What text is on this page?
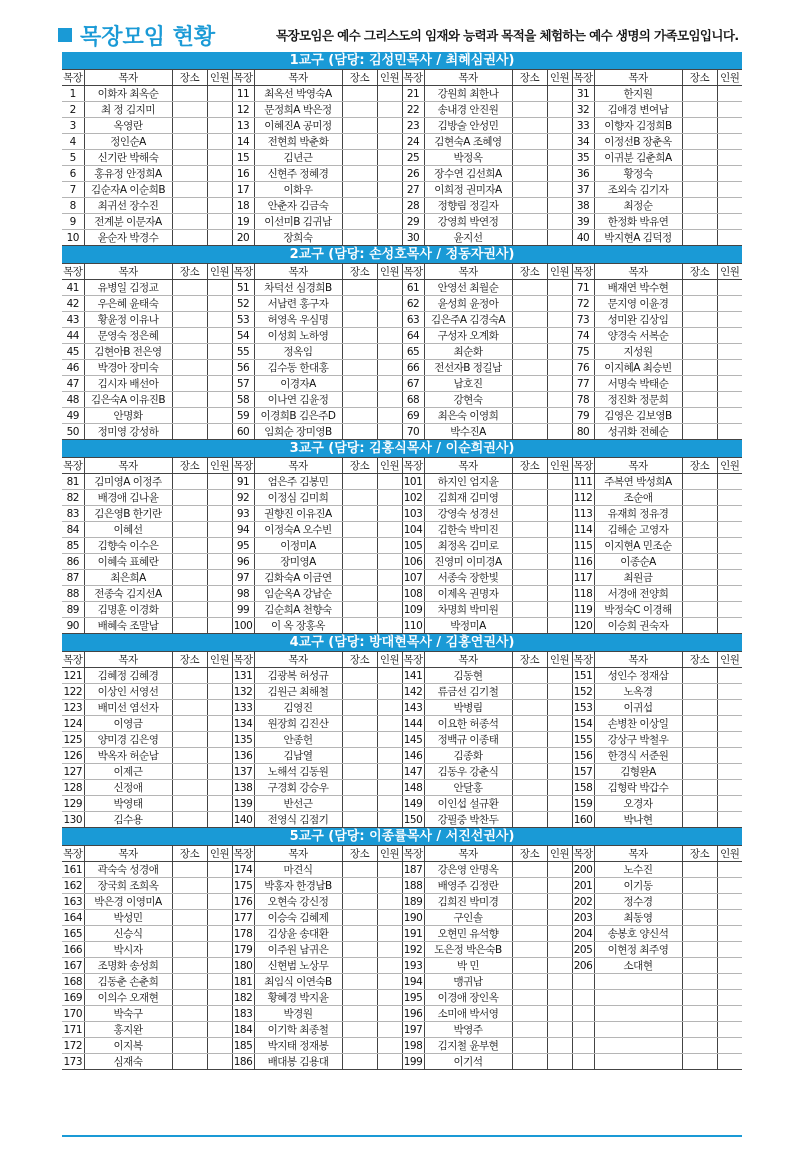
목장모임 현황	목장모임은 예수 그리스도의 임재와 능력과 목적을 체험하는 예수 생명의 가족모임입니다.
1교구 (담당: 김성민목사 / 최혜심권사)															
목장	목자	장소	인원	목장	목자	장소	인원	목장	목자	장소	인원	목장	목자	장소	인원
1	이화자 최옥순			11	최옥선 박영숙A			21	강원희 최한나			31	한지원		
2	최 정 김지미			12	문정희A 박은정			22	송내경 안진원			32	김애경 변여남		
3	옥영란			13	이혜진A 공미정			23	김방술 안성민			33	이향자 김정희B		
4	정인순A			14	전현희 박춘화			24	김현숙A 조혜영			34	이정선B 장춘옥		
5	신기란 박해숙			15	김년근			25	박정옥			35	이귀분 김춘희A		
6	홍유정 안정희A			16	신현주 정혜경			26	장수연 김선희A			36	황정숙		
7	김순자A 이순희B			17	이화우			27	이희정 권미자A			37	조외숙 김기자		
8	최귀선 장수진			18	안춘자 김금숙			28	정향림 정길자			38	최정순		
9	전계분 이문자A			19	이선미B 김귀남			29	강영희 박연정			39	한정화 박유연		
10	윤순자 박경수			20	장희숙			30	윤지선			40	박지현A 김덕정		
2교구 (담당: 손성호목사 / 정동자권사)															
목장	목자	장소	인원	목장	목자	장소	인원	목장	목자	장소	인원	목장	목자	장소	인원
41	유병일 김정교			51	차덕선 심경희B			61	안영선 최월순			71	배재연 박수현		
42	우은혜 윤태숙			52	서남련 홍구자			62	윤성희 윤정아			72	문지영 이윤경		
43	황윤정 이유나			53	허영옥 우심명			63	김은주A 김경숙A			73	성미완 김상임		
44	문영숙 정은혜			54	이성희 노하영			64	구성자 오계화			74	양경숙 서복순		
45	김현아B 전은영			55	정옥임			65	최순화			75	지성원		
46	박경아 장미숙			56	김수동 한대홍			66	전선자B 정길남			76	이지혜A 최승빈		
47	김시자 배선아			57	이경자A			67	남호진			77	서명숙 박태순		
48	김은숙A 이유진B			58	이나연 김윤정			68	강현숙			78	정진화 정문희		
49	안명화			59	이경희B 김은주D			69	최은숙 이영희			79	김영은 김보영B		
50	정미영 강성하			60	임희순 장미영B			70	박수진A			80	성귀화 전혜순		
3교구 (담당: 김홍식목사 / 이순희권사)															
목장	목자	장소	인원	목장	목자	장소	인원	목장	목자	장소	인원	목장	목자	장소	인원
81	김미영A 이정주			91	엄은주 김봉민			101	하지인 엄지윤			111	주복연 박성희A		
82	배경애 김나윤			92	이정심 김미희			102	김희재 김미영			112	조순애		
83	김은영B 한기란			93	권향진 이유진A			103	강영숙 성경선			113	유재희 정유경		
84	이혜선			94	이정숙A 오수빈			104	김한숙 박미진			114	김해순 고영자		
85	김향숙 이수은			95	이정미A			105	최정옥 김미로			115	이지현A 민조순		
86	이혜숙 표혜란			96	장미영A			106	진영미 이미경A			116	이종순A		
87	최은희A			97	김화숙A 이금연			107	서종숙 장한빛			117	최원금		
88	전종숙 김지선A			98	임순옥A 강남순			108	이제옥 권명자			118	서경애 전양희		
89	김명훈 이경화			99	김순희A 천향숙			109	차명희 박미원			119	박정숙C 이경해		
90	배혜숙 조말남			100	이 옥 장홍옥			110	박정미A			120	이승희 권숙자		
4교구 (담당: 방대현목사 / 김홍연권사)															
목장	목자	장소	인원	목장	목자	장소	인원	목장	목자	장소	인원	목장	목자	장소	인원
121	김혜정 김혜경			131	김광복 허성규			141	김동현			151	성인수 정재삼		
122	이상인 서영선			132	김원근 최해철			142	류금선 김기철			152	노옥경		
123	배미선 염선자			133	김영진			143	박병림			153	이귀섭		
124	이영금			134	원장희 김진산			144	이요한 허종석			154	손병찬 이상일		
125	양미경 김은영			135	안종헌			145	정백규 이종태			155	강상구 박철우		
126	박옥자 허순남			136	김남열			146	김종화			156	한경식 서준원		
127	이제근			137	노해석 김동원			147	김동우 강춘식			157	김형완A		
128	신정애			138	구경회 강승우			148	안달홍			158	김형락 박갑수		
129	박영태			139	반선근			149	이인섭 설규환			159	오경자		
130	김수용			140	전영식 김점기			150	강필중 박찬두			160	박나현		
5교구 (담당: 이종률목사 / 서진선권사)															
목장	목자	장소	인원	목장	목자	장소	인원	목장	목자	장소	인원	목장	목자	장소	인원
161	곽숙숙 성경애			174	마견식			187	강은영 안명옥			200	노수진		
162	장국희 조희옥			175	박홍자 한경남B			188	배영주 김정란			201	이기동		
163	박은경 이영미A			176	오현숙 강신정			189	김희진 박미경			202	정수경		
164	박성민			177	이승숙 김혜제			190	구인솔			203	최동영		
165	신승식			178	김상윤 송대환			191	오현민 유석향			204	송봉호 양신석		
166	박시자			179	이주원 남귀은			192	도은정 박은숙B			205	이현정 최주영		
167	조명화 송성희			180	신현범 노상무			193	박 민			206	소대현		
168	김동춘 손춘희			181	최임식 이연숙B			194	맹귀남						
169	이의수 오재현			182	황혜경 박지윤			195	이경애 장인옥						
170	박숙구			183	박경원			196	소미애 박서영						
171	홍지완			184	이기학 최종철			197	박영주						
172	이지복			185	박지태 정재봉			198	김지철 윤부현						
173	심재숙			186	배대봉 김용대			199	이기석						
